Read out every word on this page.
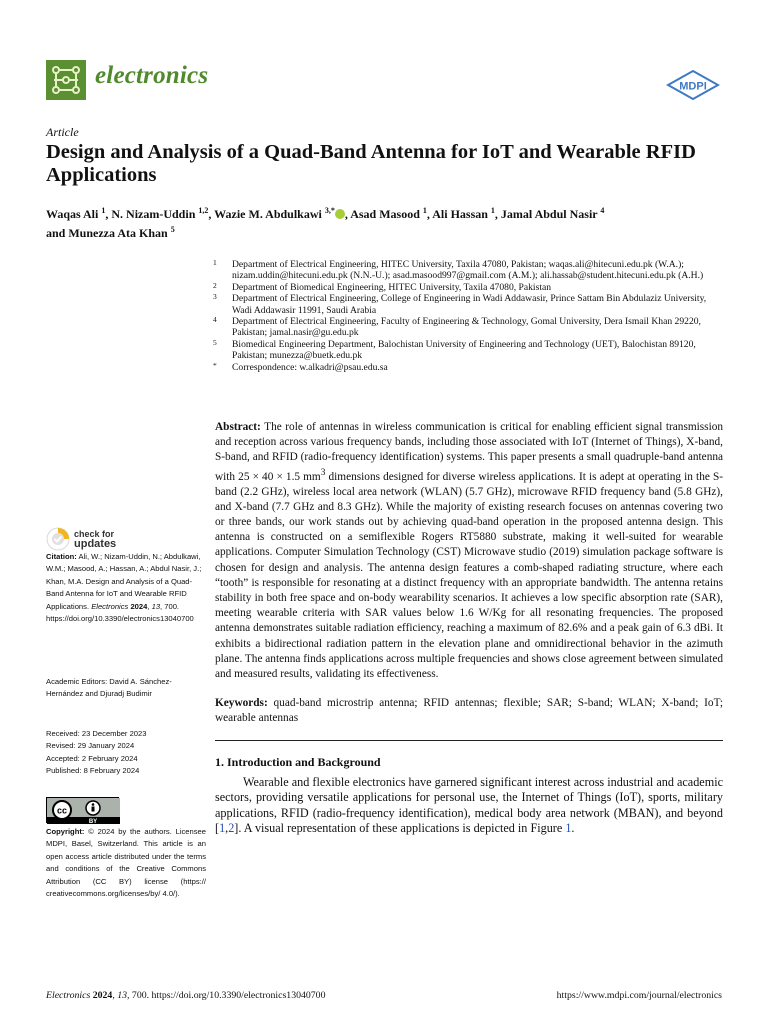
electronics	MDPI
Article
Design and Analysis of a Quad-Band Antenna for IoT and Wearable RFID Applications
Waqas Ali $^1$, N. Nizam-Uddin $^{1,2}$, Wazie M. Abdulkawi $^{3,*}$ , Asad Masood $^1$, Ali Hassan $^1$, Jamal Abdul Nasir $^4$
and Munezza Ata Khan $^5$
1 Department of Electrical Engineering, HITEC University, Taxila 47080, Pakistan; waqas.ali@hitecuni.edu.pk (W.A.); nizam.uddin@hitecuni.edu.pk (N.N.-U.); asad.masood997@gmail.com (A.M.); ali.hassab@student.hitecuni.edu.pk (A.H.)
2 Department of Biomedical Engineering, HITEC University, Taxila 47080, Pakistan
3 Department of Electrical Engineering, College of Engineering in Wadi Addawasir, Prince Sattam Bin Abdulaziz University, Wadi Addawasir 11991, Saudi Arabia
4 Department of Electrical Engineering, Faculty of Engineering & Technology, Gomal University, Dera Ismail Khan 29220, Pakistan; jamal.nasir@gu.edu.pk
5 Biomedical Engineering Department, Balochistan University of Engineering and Technology (UET), Balochistan 89120, Pakistan; munezza@buetk.edu.pk
* Correspondence: w.alkadri@psau.edu.sa

Abstract: The role of antennas in wireless communication is critical for enabling efficient signal transmission and reception across various frequency bands, including those associated with IoT (Internet of Things), X-band, S-band, and RFID (radio-frequency identification) systems. This paper presents a small quadruple-band antenna with 25 × 40 × 1.5 $mm^3$ dimensions designed for diverse wireless applications. It is adept at operating in the S-band (2.2 GHz), wireless local area network (WLAN) (5.7 GHz), microwave RFID frequency band (5.8 GHz), and X-band (7.7 GHz and 8.3 GHz). While the majority of existing research focuses on antennas covering two or three bands, our work stands out by achieving quad-band operation in the proposed antenna design. This antenna is constructed on a semiflexible Rogers RT5880 substrate, making it well-suited for wearable applications. Computer Simulation Technology (CST) Microwave studio (2019) simulation package software is chosen for design and analysis. The antenna design features a comb-shaped radiating structure, where each “tooth” is responsible for resonating at a distinct frequency with an appropriate bandwidth. The antenna retains stability in both free space and on-body wearability scenarios. It achieves a low specific absorption rate (SAR), meeting wearable criteria with SAR values below 1.6 W/Kg for all resonating frequencies. The proposed antenna demonstrates suitable radiation efficiency, reaching a maximum of 82.6% and a peak gain of 6.3 dBi. It exhibits a bidirectional radiation pattern in the elevation plane and omnidirectional behavior in the azimuth plane. The antenna finds applications across multiple frequencies and shows close agreement between simulated and measured results, validating its effectiveness.

Keywords: quad-band microstrip antenna; RFID antennas; flexible; SAR; S-band; WLAN; X-band; IoT; wearable antennas

1. Introduction and Background

Wearable and flexible electronics have garnered significant interest across industrial and academic sectors, providing versatile applications for personal use, the Internet of Things (IoT), sports, military applications, RFID (radio-frequency identification), medical body area network (MBAN), and beyond [1,2]. A visual representation of these applications is depicted in Figure 1.

check for
updates
Citation: Ali, W.; Nizam-Uddin, N.; Abdulkawi, W.M.; Masood, A.; Hassan, A.; Abdul Nasir, J.; Khan, M.A. Design and Analysis of a Quad-Band Antenna for IoT and Wearable RFID Applications. Electronics 2024, 13, 700. https://doi.org/10.3390/electronics13040700
Academic Editors: David A. Sánchez-Hernández and Djuradj Budimir
Received: 23 December 2023
Revised: 29 January 2024
Accepted: 2 February 2024
Published: 8 February 2024
cc
BY
Copyright: © 2024 by the authors. Licensee MDPI, Basel, Switzerland. This article is an open access article distributed under the terms and conditions of the Creative Commons Attribution (CC BY) license (https:// creativecommons.org/licenses/by/ 4.0/).
Electronics 2024, 13, 700. https://doi.org/10.3390/electronics13040700	https://www.mdpi.com/journal/electronics
